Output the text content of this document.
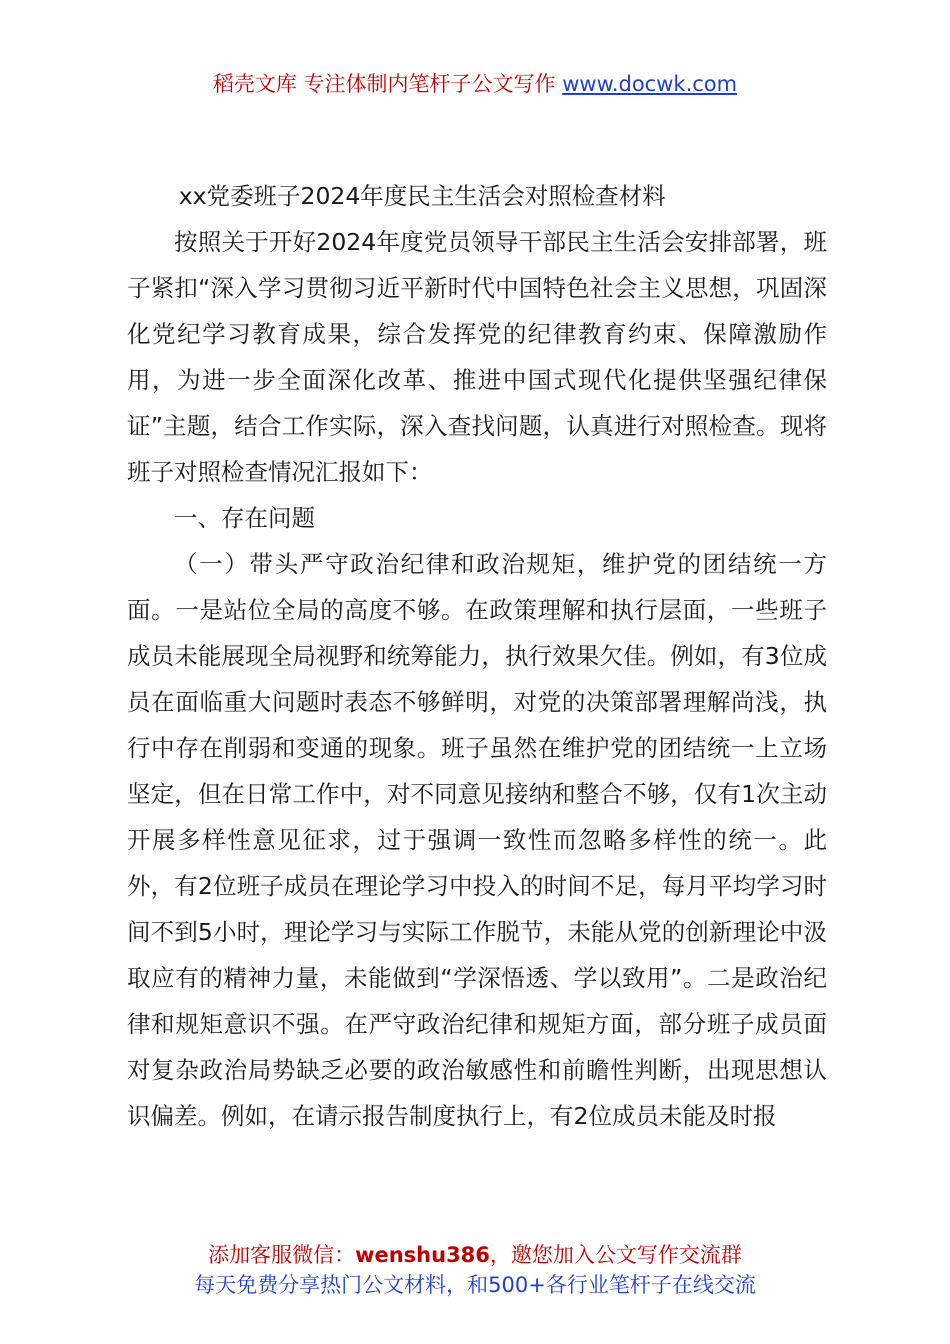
稻壳文库 专注体制内笔杆子公文写作 www.docwk.com

xx党委班子2024年度民主生活会对照检查材料

按照关于开好2024年度党员领导干部民主生活会安排部署，班子紧扣“深入学习贯彻习近平新时代中国特色社会主义思想，巩固深化党纪学习教育成果，综合发挥党的纪律教育约束、保障激励作用，为进一步全面深化改革、推进中国式现代化提供坚强纪律保证”主题，结合工作实际，深入查找问题，认真进行对照检查。现将班子对照检查情况汇报如下：

一、存在问题

（一）带头严守政治纪律和政治规矩，维护党的团结统一方面。一是站位全局的高度不够。在政策理解和执行层面，一些班子成员未能展现全局视野和统筹能力，执行效果欠佳。例如，有3位成员在面临重大问题时表态不够鲜明，对党的决策部署理解尚浅，执行中存在削弱和变通的现象。班子虽然在维护党的团结统一上立场坚定，但在日常工作中，对不同意见接纳和整合不够，仅有1次主动开展多样性意见征求，过于强调一致性而忽略多样性的统一。此外，有2位班子成员在理论学习中投入的时间不足，每月平均学习时间不到5小时，理论学习与实际工作脱节，未能从党的创新理论中汲取应有的精神力量，未能做到“学深悟透、学以致用”。二是政治纪律和规矩意识不强。在严守政治纪律和规矩方面，部分班子成员面对复杂政治局势缺乏必要的政治敏感性和前瞻性判断，出现思想认识偏差。例如，在请示报告制度执行上，有2位成员未能及时报

添加客服微信：wenshu386，邀您加入公文写作交流群
每天免费分享热门公文材料，和500+各行业笔杆子在线交流
